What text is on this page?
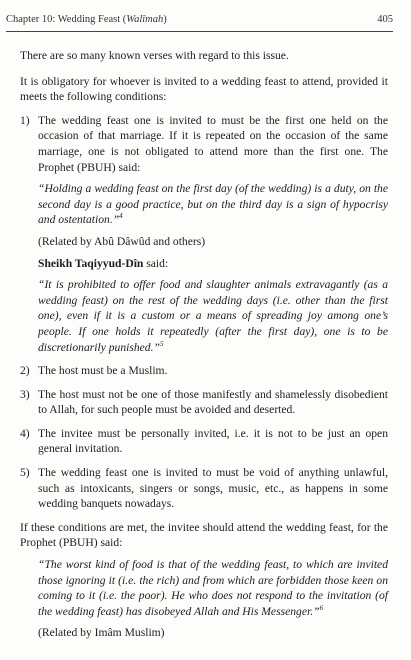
Chapter 10: Wedding Feast (Walīmah)	405

There are so many known verses with regard to this issue.

It is obligatory for whoever is invited to a wedding feast to attend, provided it meets the following conditions:

1) The wedding feast one is invited to must be the first one held on the occasion of that marriage. If it is repeated on the occasion of the same marriage, one is not obligated to attend more than the first one. The Prophet (PBUH) said:

“Holding a wedding feast on the first day (of the wedding) is a duty, on the second day is a good practice, but on the third day is a sign of hypocrisy and ostentation.”$^4$

(Related by Abû Dâwûd and others)

Sheikh Taqiyyud-Dîn said:

“It is prohibited to offer food and slaughter animals extravagantly (as a wedding feast) on the rest of the wedding days (i.e. other than the first one), even if it is a custom or a means of spreading joy among one’s people. If one holds it repeatedly (after the first day), one is to be discretionarily punished.”$^5$

2) The host must be a Muslim.

3) The host must not be one of those manifestly and shamelessly disobedient to Allah, for such people must be avoided and deserted.

4) The invitee must be personally invited, i.e. it is not to be just an open general invitation.

5) The wedding feast one is invited to must be void of anything unlawful, such as intoxicants, singers or songs, music, etc., as happens in some wedding banquets nowadays.

If these conditions are met, the invitee should attend the wedding feast, for the Prophet (PBUH) said:

“The worst kind of food is that of the wedding feast, to which are invited those ignoring it (i.e. the rich) and from which are forbidden those keen on coming to it (i.e. the poor). He who does not respond to the invitation (of the wedding feast) has disobeyed Allah and His Messenger.”$^6$

(Related by Imâm Muslim)
